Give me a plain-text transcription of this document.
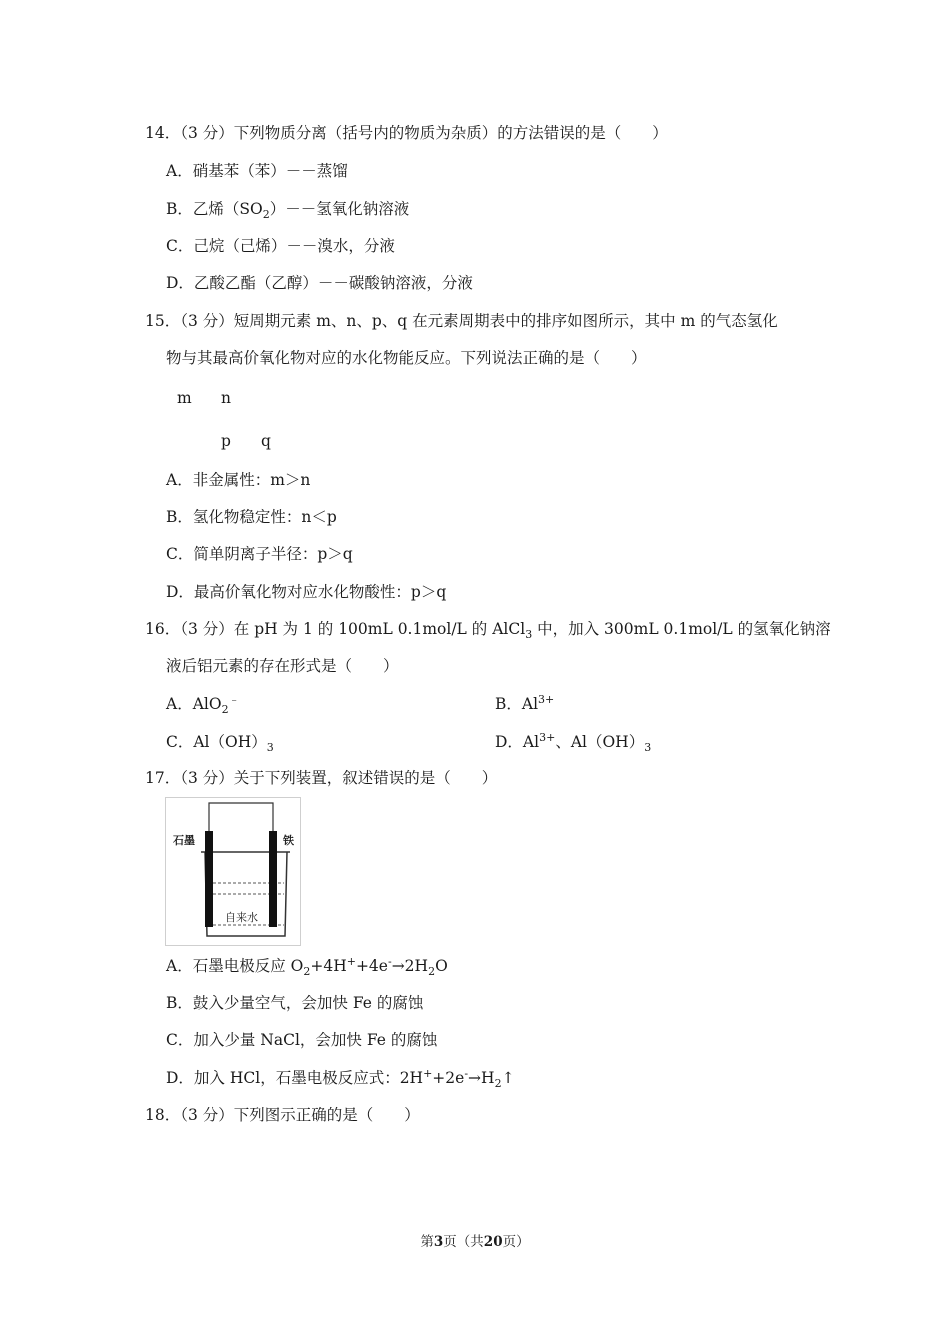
14．（3 分）下列物质分离（括号内的物质为杂质）的方法错误的是（　　）
A．硝基苯（苯）－－蒸馏
B．乙烯$(SO_2)--$氢氧化钠溶液
C．己烷（己烯）－－溴水，分液
D．乙酸乙酯（乙醇）－－碳酸钠溶液，分液
15．（3 分）短周期元素 m、n、p、q 在元素周期表中的排序如图所示，其中 m 的气态氢化
物与其最高价氧化物对应的水化物能反应。下列说法正确的是（　　）
m n
p q
A．非金属性：m＞n
B．氢化物稳定性：n＜p
C．简单阴离子半径：p＞q
D．最高价氧化物对应水化物酸性：p＞q
16．（3 分）在 pH 为 1 的 100mL 0.1mol/L 的 AlCl$_3$ 中，加入 300mL 0.1mol/L 的氢氧化钠溶
液后铝元素的存在形式是（　　）
A．AlO$_2$﹣	B．$Al^{3+}$
C．$Al(OH)_3$	D．$Al^{3+}$、$Al(OH)_3$
17．（3 分）关于下列装置，叙述错误的是（　　）
石墨	铁
自来水
A．石墨电极反应 $O_2+4H^++4e^-\to 2H_2O$
B．鼓入少量空气，会加快 Fe 的腐蚀
C．加入少量 NaCl，会加快 Fe 的腐蚀
D．加入 HCl，石墨电极反应式：$2H^++2e^-\to H_2↑$
18．（3 分）下列图示正确的是（　　）
第3页（共20页）
